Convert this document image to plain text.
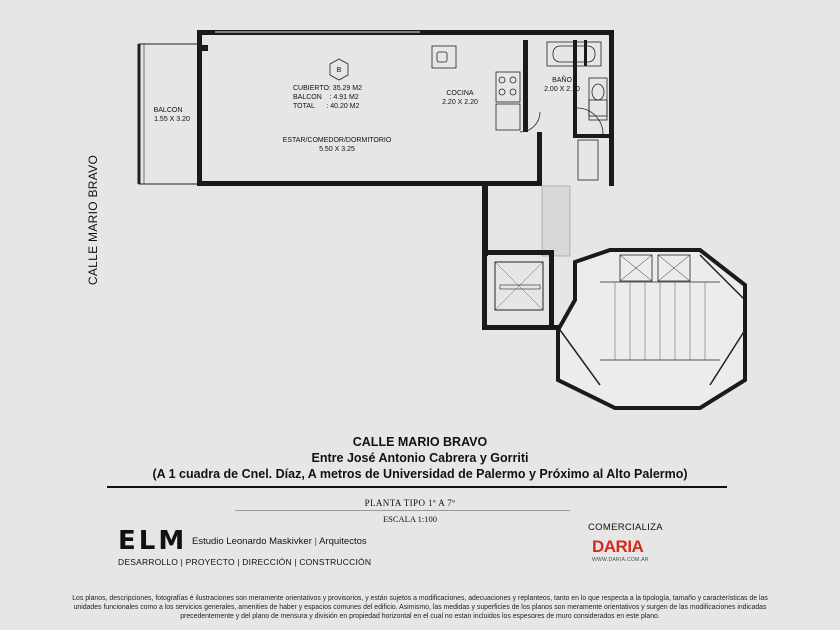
B
CUBIERTO: 35.29 M2
BALCON    : 4.91 M2
TOTAL      : 40.20 M2
COCINA
2.20 X 2.20
BAÑO
2.00 X 2.10
BALCON
1.55 X 3.20
ESTAR/COMEDOR/DORMITORIO
5.50 X 3.25
CALLE MARIO BRAVO
CALLE MARIO BRAVO
Entre José Antonio Cabrera y Gorriti
(A 1 cuadra de Cnel. Díaz, A metros de Universidad de Palermo y Próximo al Alto Palermo)
PLANTA TIPO 1º A 7º
ESCALA 1:100
ELM Estudio Leonardo Maskivker | Arquitectos
DESARROLLO | PROYECTO | DIRECCIÓN | CONSTRUCCIÓN
COMERCIALIZA
DARIA
WWW.DARIA.COM.AR
Los planos, descripciones, fotografías é ilustraciones son meramente orientativos y provisorios, y están sujetos a modificaciones, adecuaciones y replanteos, tanto en lo que respecta a la tipología, tamaño y características de las unidades funcionales como a los servicios generales, amenities de haber y espacios comunes del edificio. Asimismo, las medidas y superficies de los planos son meramente orientativos y surgen de las modificaciones indicadas precedentemente y del plano de mensura y división en propiedad horizontal en el cual no estan incluidos los espesores de muro considerados en este plano.
